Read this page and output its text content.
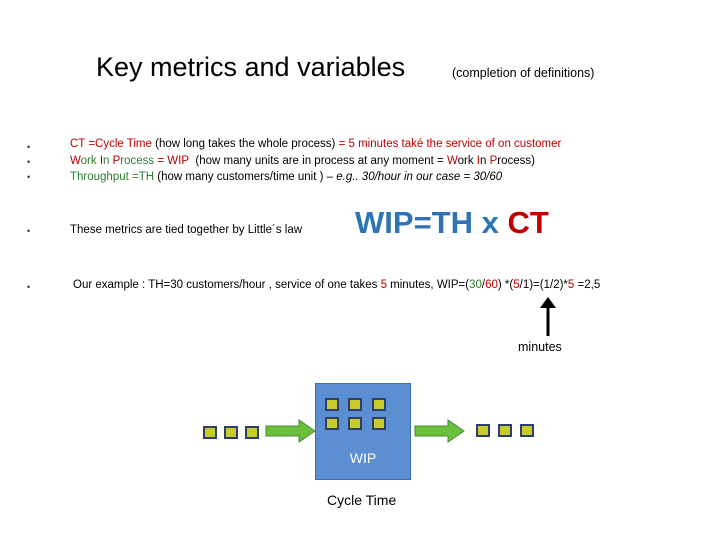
Key metrics and variables	(completion of definitions)
•
•
•
•
•
CT =Cycle Time (how long takes the whole process) = 5 minutes také the service of on customer
Work In Process = WIP (how many units are in process at any moment = Work In Process)
Throughput =TH (how many customers/time unit ) – e.g.. 30/hour in our case = 30/60
These metrics are tied together by Little´s law WIP=TH x CT
Our example : TH=30 customers/hour , service of one takes 5 minutes, WIP=(30/60) *(5/1)=(1/2)*5 =2,5
minutes
WIP
Cycle Time
